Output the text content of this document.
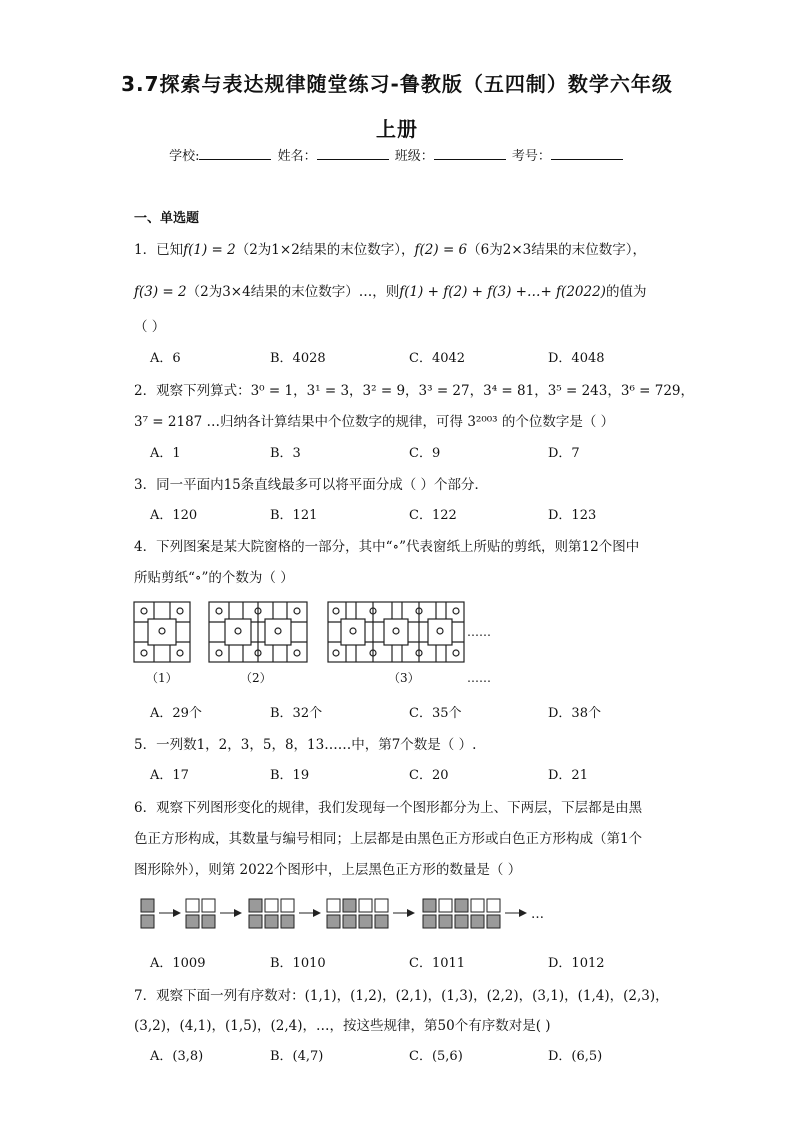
3.7探索与表达规律随堂练习-鲁教版（五四制）数学六年级
上册
学校:	姓名：	班级：	考号：
一、单选题
1．已知f(1) = 2（2为1×2结果的末位数字），f(2) = 6（6为2×3结果的末位数字），
f(3) = 2（2为3×4结果的末位数字）…，则f(1) + f(2) + f(3) +…+ f(2022)的值为
（ ）
A．6	B．4028	C．4042	D．4048
2．观察下列算式：3⁰ = 1，3¹ = 3，3² = 9，3³ = 27，3⁴ = 81，3⁵ = 243，3⁶ = 729，
3⁷ = 2187 …归纳各计算结果中个位数字的规律，可得 3²⁰⁰³ 的个位数字是（ ）
A．1	B．3	C．9	D．7
3．同一平面内15条直线最多可以将平面分成（ ）个部分．
A．120	B．121	C．122	D．123
4．下列图案是某大院窗格的一部分，其中“∘”代表窗纸上所贴的剪纸，则第12个图中
所贴剪纸“∘”的个数为（ ）
……
（1）	（2）	（3）	……
A．29个	B．32个	C．35个	D．38个
5．一列数1，2，3，5，8，13……中，第7个数是（ ）.
A．17	B．19	C．20	D．21
6．观察下列图形变化的规律，我们发现每一个图形都分为上、下两层，下层都是由黑
色正方形构成，其数量与编号相同；上层都是由黑色正方形或白色正方形构成（第1个
图形除外），则第 2022个图形中，上层黑色正方形的数量是（ ）
…
A．1009	B．1010	C．1011	D．1012
7．观察下面一列有序数对：(1,1)，(1,2)，(2,1)，(1,3)，(2,2)，(3,1)，(1,4)，(2,3)，
(3,2)，(4,1)，(1,5)，(2,4)，…，按这些规律，第50个有序数对是( )
A．(3,8)	B．(4,7)	C．(5,6)	D．(6,5)
